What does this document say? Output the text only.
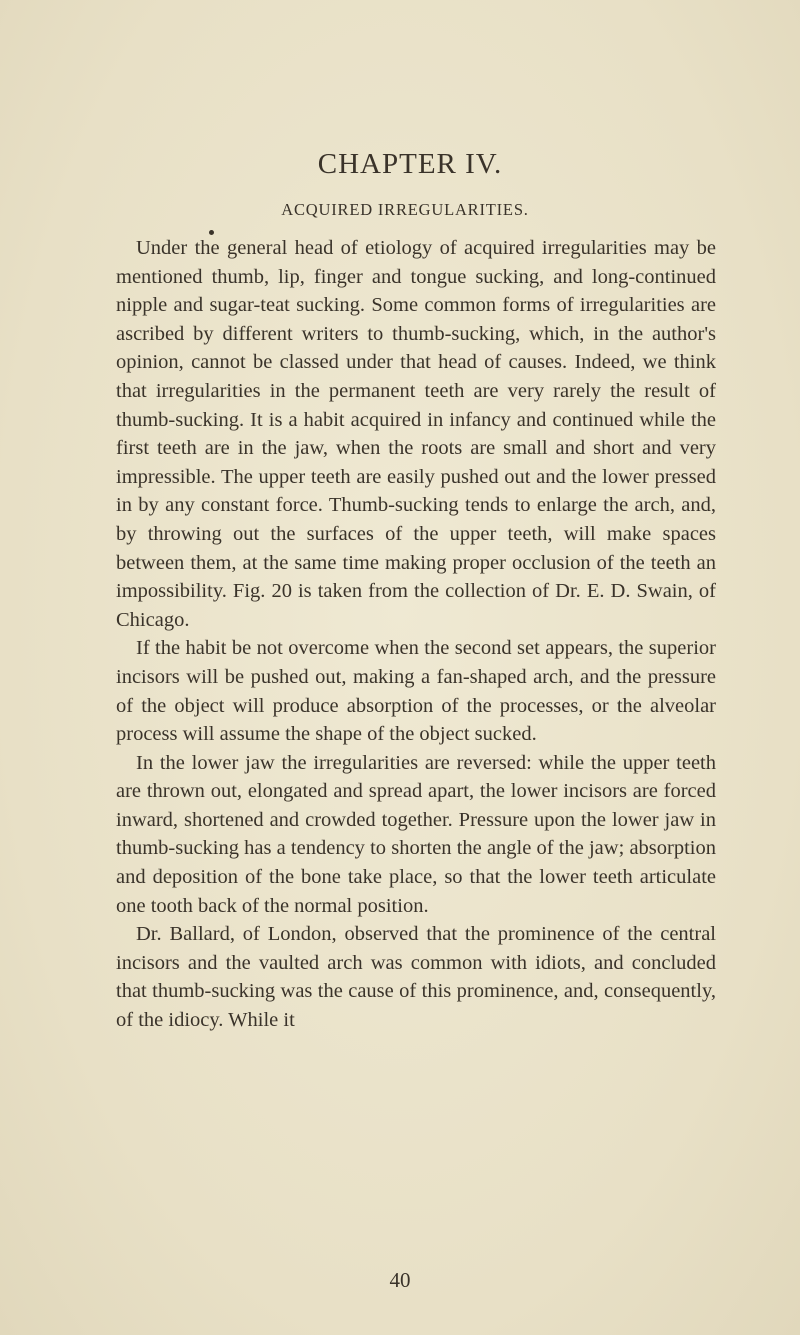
CHAPTER IV.
ACQUIRED IRREGULARITIES.

Under the general head of etiology of acquired irregularities may be mentioned thumb, lip, finger and tongue sucking, and long-continued nipple and sugar-teat sucking. Some common forms of irregularities are ascribed by different writers to thumb-sucking, which, in the author's opinion, cannot be classed under that head of causes. Indeed, we think that irregularities in the permanent teeth are very rarely the result of thumb-sucking. It is a habit acquired in infancy and continued while the first teeth are in the jaw, when the roots are small and short and very impressible. The upper teeth are easily pushed out and the lower pressed in by any constant force. Thumb-sucking tends to enlarge the arch, and, by throwing out the surfaces of the upper teeth, will make spaces between them, at the same time making proper occlusion of the teeth an impossibility. Fig. 20 is taken from the collection of Dr. E. D. Swain, of Chicago.

If the habit be not overcome when the second set appears, the superior incisors will be pushed out, making a fan-shaped arch, and the pressure of the object will produce absorption of the processes, or the alveolar process will assume the shape of the object sucked.

In the lower jaw the irregularities are reversed: while the upper teeth are thrown out, elongated and spread apart, the lower incisors are forced inward, shortened and crowded together. Pressure upon the lower jaw in thumb-sucking has a tendency to shorten the angle of the jaw; absorption and deposition of the bone take place, so that the lower teeth articulate one tooth back of the normal position.

Dr. Ballard, of London, observed that the prominence of the central incisors and the vaulted arch was common with idiots, and concluded that thumb-sucking was the cause of this prominence, and, consequently, of the idiocy. While it

40
